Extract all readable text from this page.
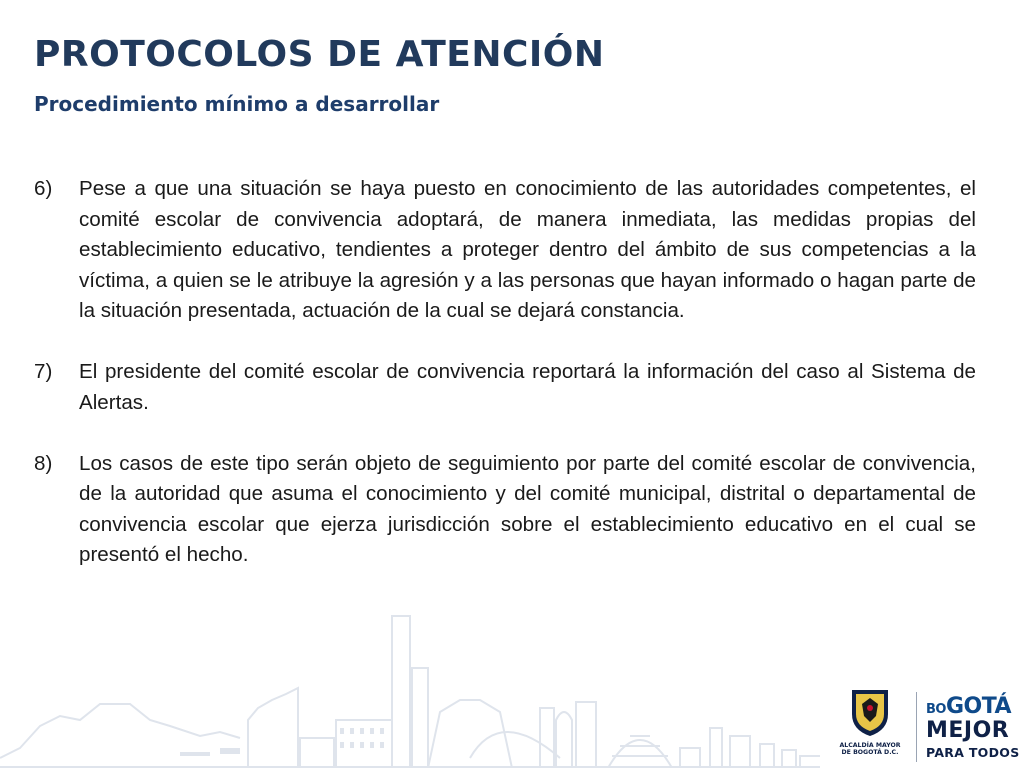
PROTOCOLOS DE ATENCIÓN
Procedimiento mínimo a desarrollar

6) Pese a que una situación se haya puesto en conocimiento de las autoridades competentes, el comité escolar de convivencia adoptará, de manera inmediata, las medidas propias del establecimiento educativo, tendientes a proteger dentro del ámbito de sus competencias a la víctima, a quien se le atribuye la agresión y a las personas que hayan informado o hagan parte de la situación presentada, actuación de la cual se dejará constancia.

7) El presidente del comité escolar de convivencia reportará la información del caso al Sistema de Alertas.

8) Los casos de este tipo serán objeto de seguimiento por parte del comité escolar de convivencia, de la autoridad que asuma el conocimiento y del comité municipal, distrital o departamental de convivencia escolar que ejerza jurisdicción sobre el establecimiento educativo en el cual se presentó el hecho.

ALCALDÍA MAYOR
DE BOGOTÁ D.C.
BOGOTÁ
MEJOR
PARA TODOS
